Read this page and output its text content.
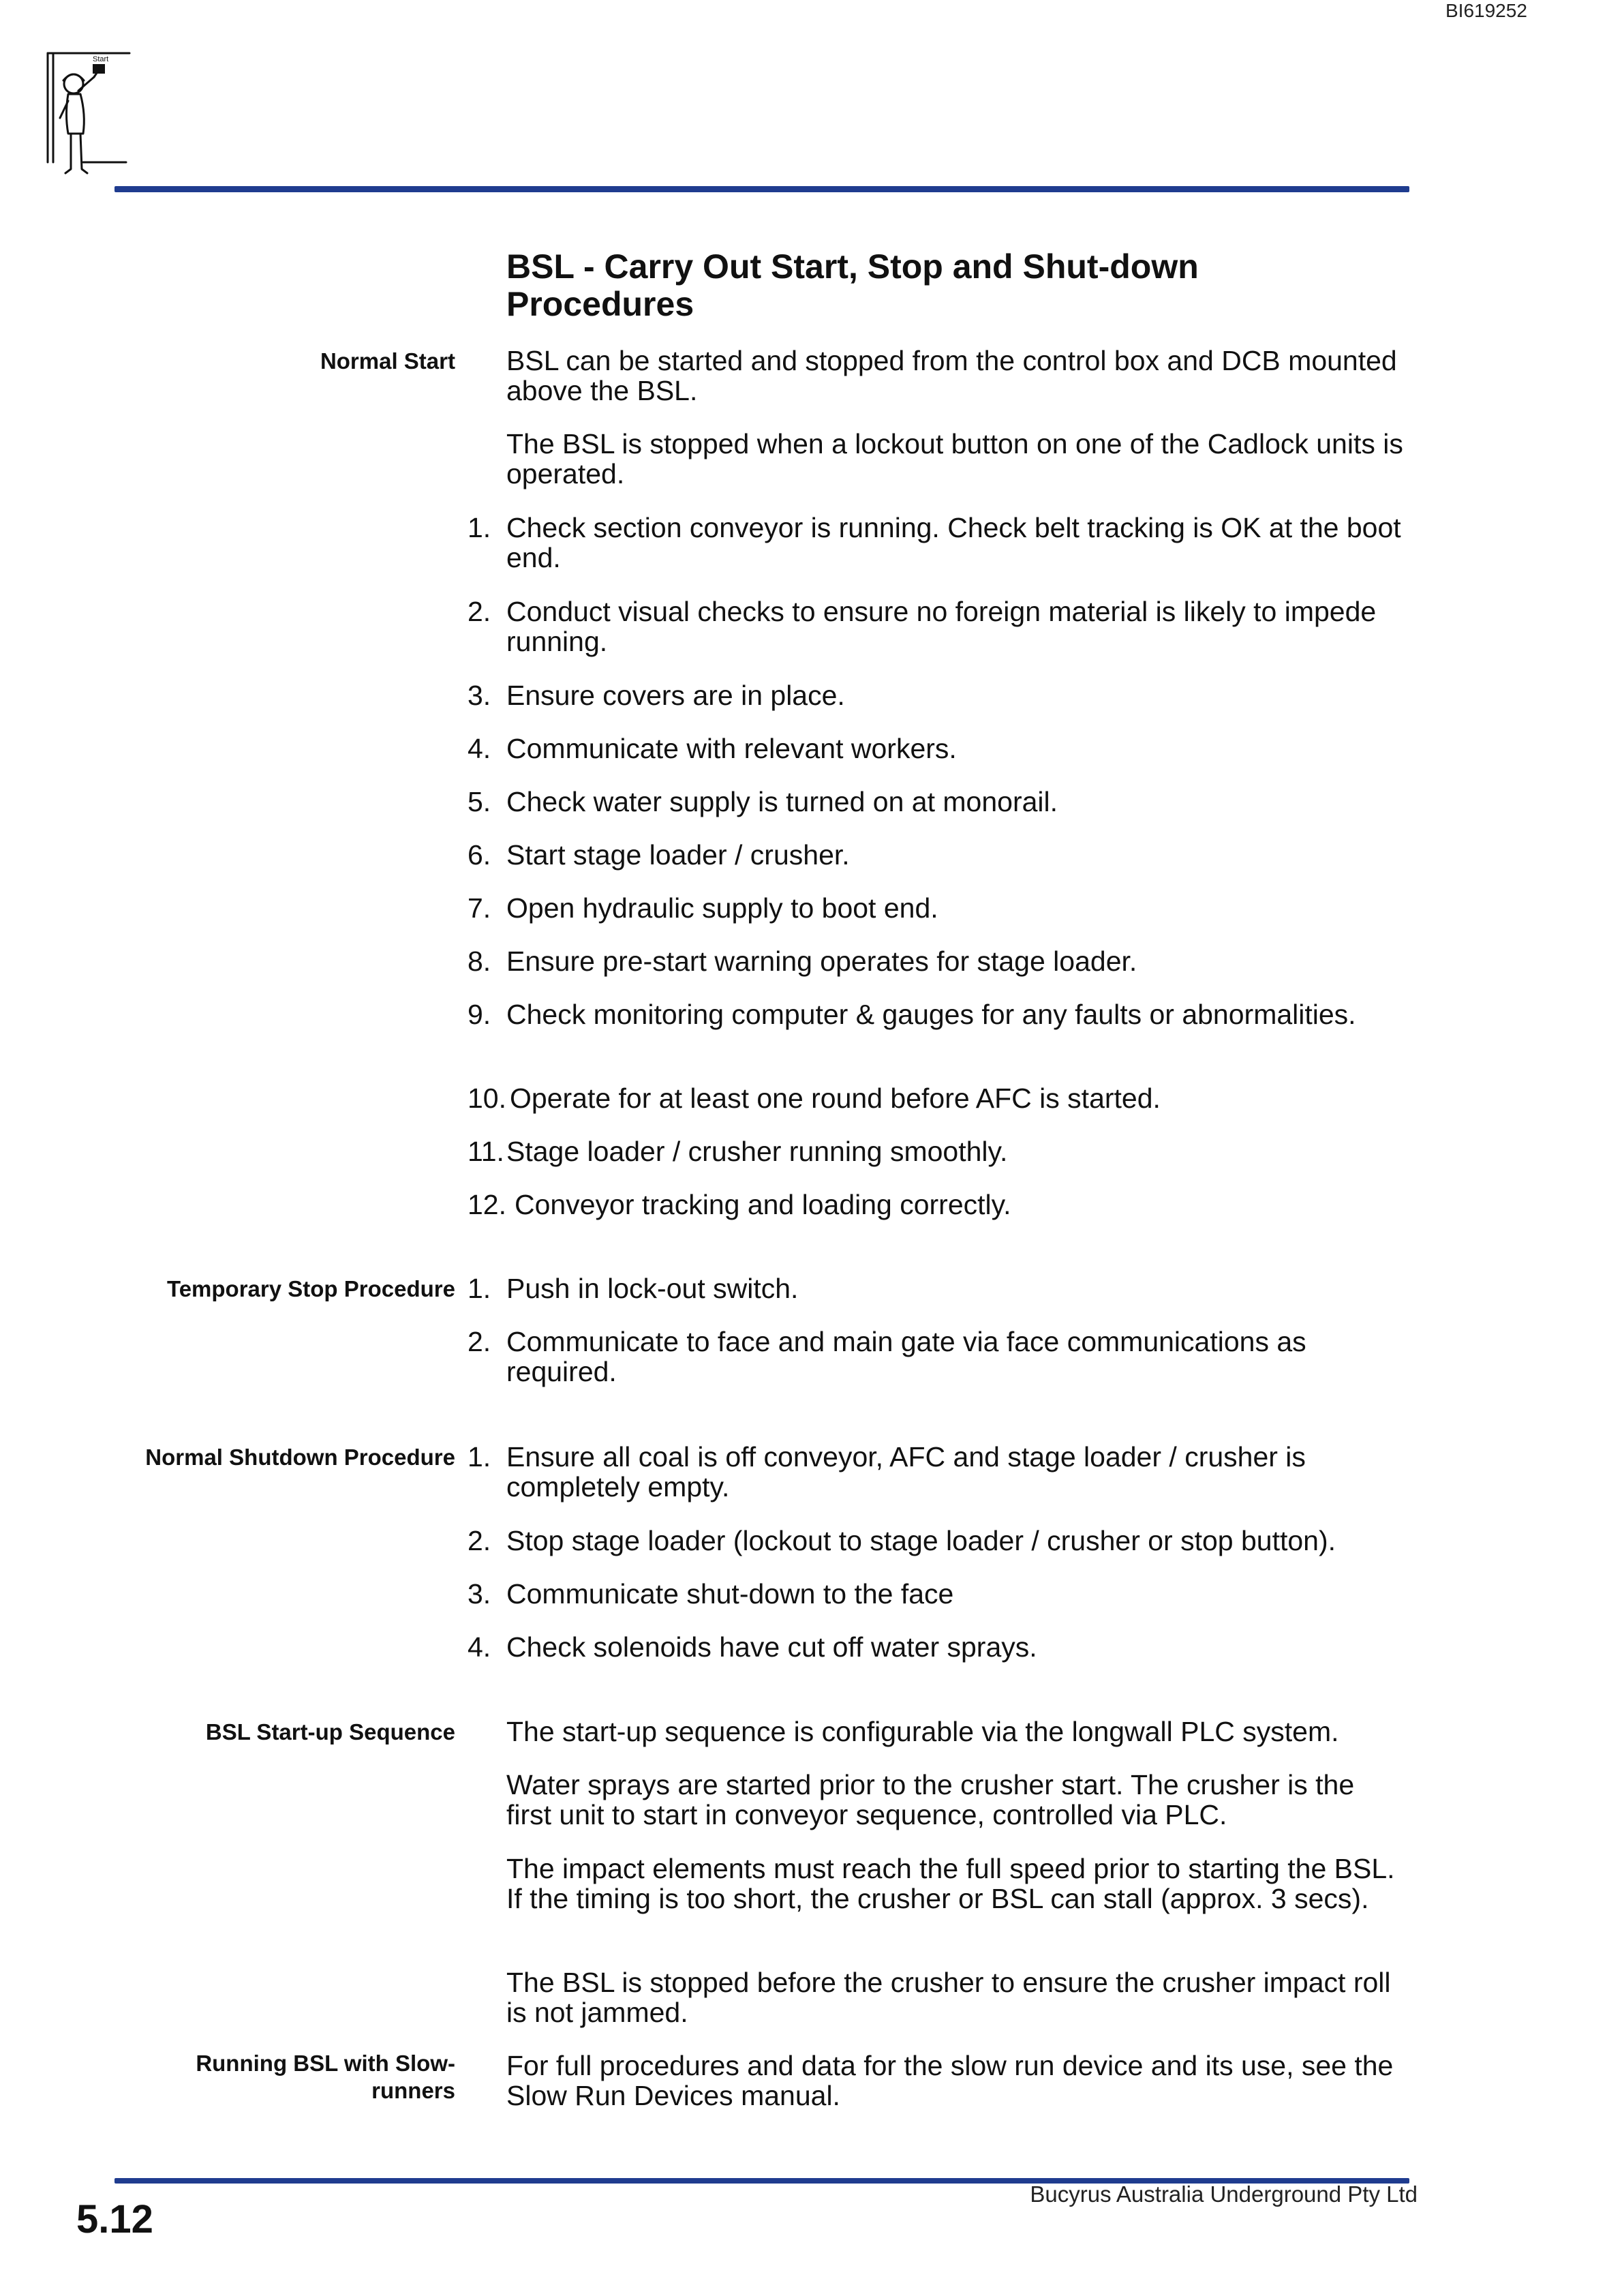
BI619252
Start
BSL - Carry Out Start, Stop and Shut-down Procedures
Normal Start BSL can be started and stopped from the control box and DCB mounted above the BSL.

The BSL is stopped when a lockout button on one of the Cadlock units is operated.

1. Check section conveyor is running. Check belt tracking is OK at the boot end.
2. Conduct visual checks to ensure no foreign material is likely to impede running.
3. Ensure covers are in place.
4. Communicate with relevant workers.
5. Check water supply is turned on at monorail.
6. Start stage loader / crusher.
7. Open hydraulic supply to boot end.
8. Ensure pre-start warning operates for stage loader.
9. Check monitoring computer & gauges for any faults or abnormalities.
10. Operate for at least one round before AFC is started.
11. Stage loader / crusher running smoothly.
12. Conveyor tracking and loading correctly.
Temporary Stop Procedure 1. Push in lock-out switch.
2. Communicate to face and main gate via face communications as required.
Normal Shutdown Procedure 1. Ensure all coal is off conveyor, AFC and stage loader / crusher is completely empty.
2. Stop stage loader (lockout to stage loader / crusher or stop button).
3. Communicate shut-down to the face
4. Check solenoids have cut off water sprays.
BSL Start-up Sequence The start-up sequence is configurable via the longwall PLC system.

Water sprays are started prior to the crusher start. The crusher is the first unit to start in conveyor sequence, controlled via PLC.

The impact elements must reach the full speed prior to starting the BSL. If the timing is too short, the crusher or BSL can stall (approx. 3 secs).

The BSL is stopped before the crusher to ensure the crusher impact roll is not jammed.

Running BSL with Slow-runners

For full procedures and data for the slow run device and its use, see the Slow Run Devices manual.

5.12
Bucyrus Australia Underground Pty Ltd
